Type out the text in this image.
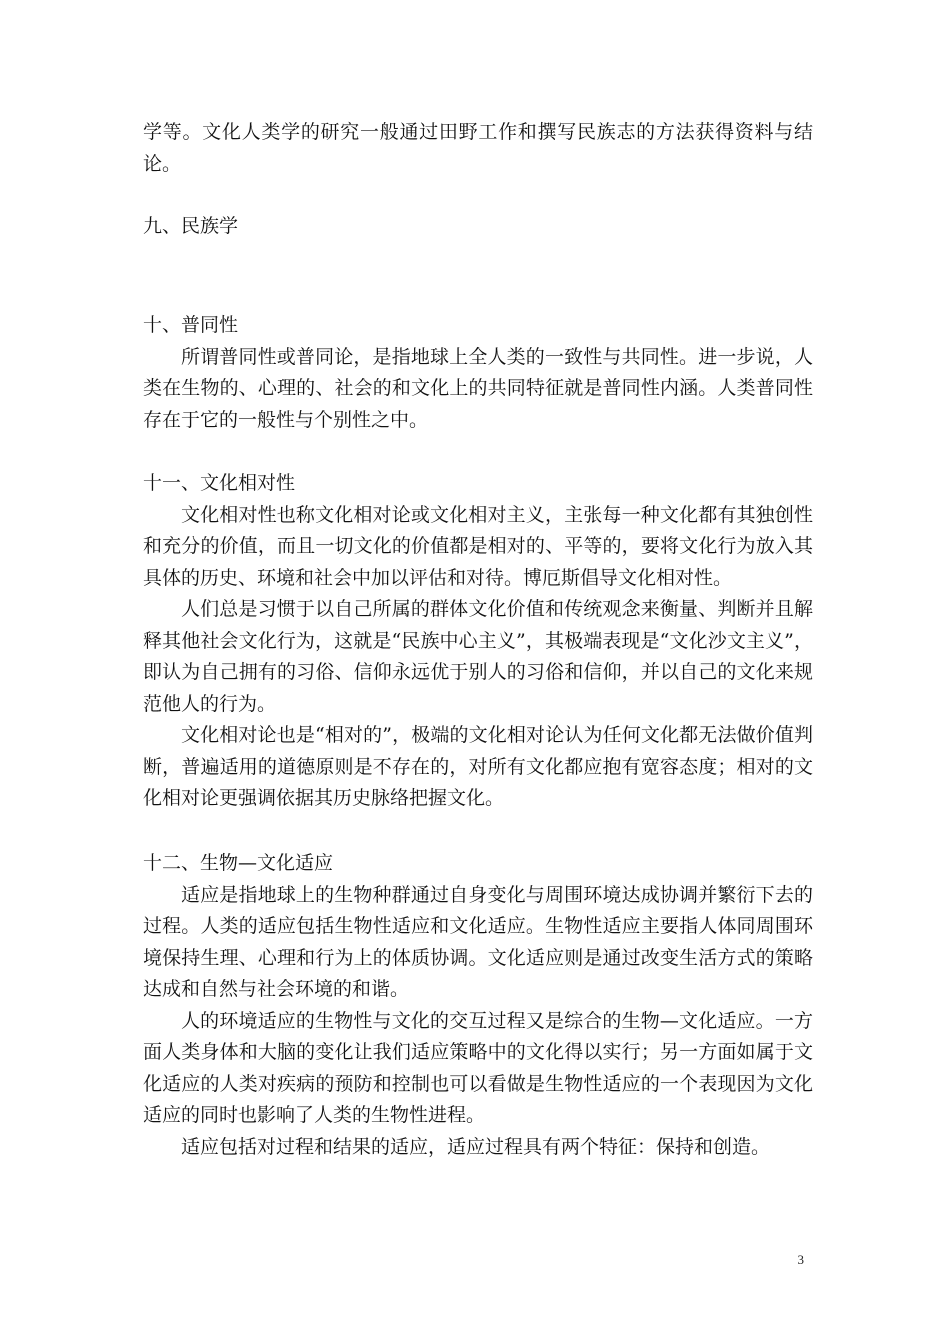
学等。文化人类学的研究一般通过田野工作和撰写民族志的方法获得资料与结论。

九、民族学

十、普同性

所谓普同性或普同论，是指地球上全人类的一致性与共同性。进一步说，人类在生物的、心理的、社会的和文化上的共同特征就是普同性内涵。人类普同性存在于它的一般性与个别性之中。

十一、文化相对性

文化相对性也称文化相对论或文化相对主义，主张每一种文化都有其独创性和充分的价值，而且一切文化的价值都是相对的、平等的，要将文化行为放入其具体的历史、环境和社会中加以评估和对待。博厄斯倡导文化相对性。

人们总是习惯于以自己所属的群体文化价值和传统观念来衡量、判断并且解释其他社会文化行为，这就是“民族中心主义”，其极端表现是“文化沙文主义”，即认为自己拥有的习俗、信仰永远优于别人的习俗和信仰，并以自己的文化来规范他人的行为。

文化相对论也是“相对的”，极端的文化相对论认为任何文化都无法做价值判断，普遍适用的道德原则是不存在的，对所有文化都应抱有宽容态度；相对的文化相对论更强调依据其历史脉络把握文化。

十二、生物—文化适应

适应是指地球上的生物种群通过自身变化与周围环境达成协调并繁衍下去的过程。人类的适应包括生物性适应和文化适应。生物性适应主要指人体同周围环境保持生理、心理和行为上的体质协调。文化适应则是通过改变生活方式的策略达成和自然与社会环境的和谐。

人的环境适应的生物性与文化的交互过程又是综合的生物—文化适应。一方面人类身体和大脑的变化让我们适应策略中的文化得以实行；另一方面如属于文化适应的人类对疾病的预防和控制也可以看做是生物性适应的一个表现因为文化适应的同时也影响了人类的生物性进程。

适应包括对过程和结果的适应，适应过程具有两个特征：保持和创造。

3
